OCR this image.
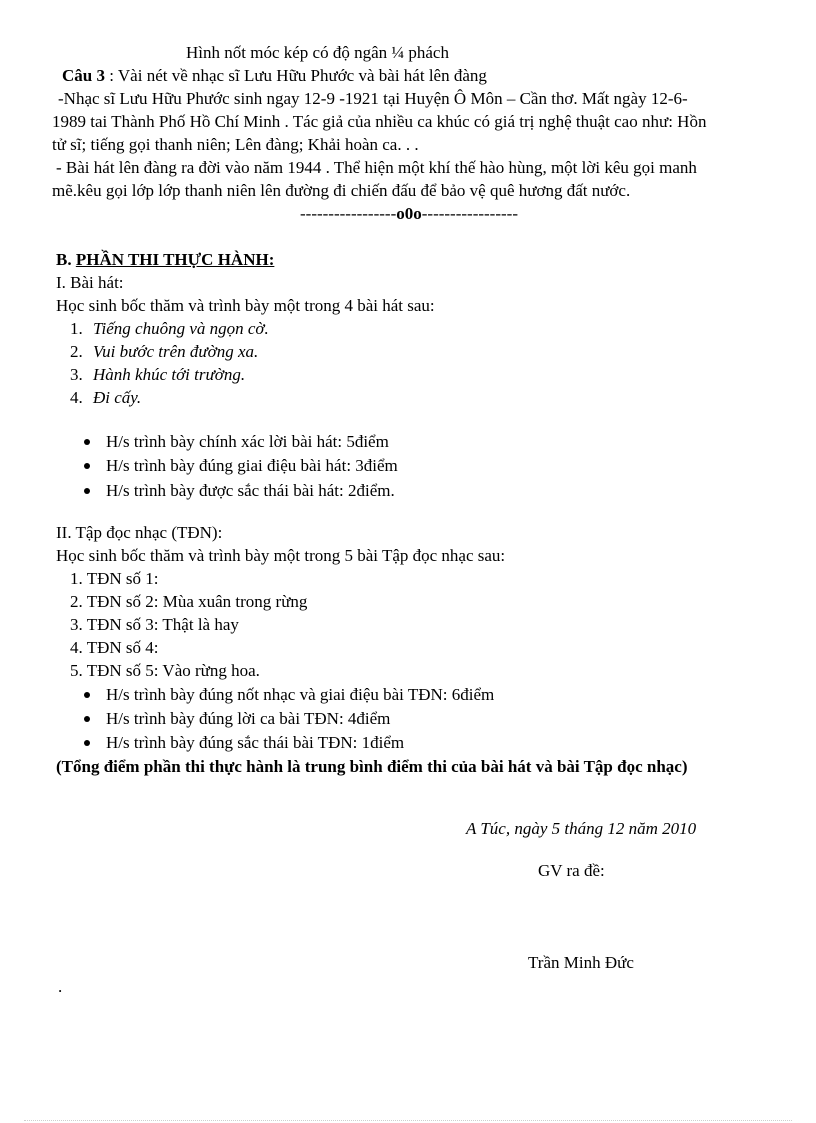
Hình nốt móc kép có độ ngân ¼ phách
Câu 3 : Vài nét về nhạc sĩ Lưu Hữu Phước và bài hát lên đàng
-Nhạc sĩ Lưu Hữu Phước sinh ngay 12-9 -1921 tại Huyện Ô Môn – Cần thơ. Mất ngày 12-6-
1989 tai Thành Phố Hồ Chí Minh . Tác giả của nhiều ca khúc có giá trị nghệ thuật cao như: Hồn
tử sĩ; tiếng gọi thanh niên; Lên đàng; Khải hoàn ca. . .
- Bài hát lên đàng ra đời vào năm 1944 . Thể hiện một khí thế hào hùng, một lời kêu gọi manh
mẽ.kêu gọi lớp lớp thanh niên lên đường đi chiến đấu để bảo vệ quê hương đất nước.
-----------------o0o-----------------
B. PHẦN THI THỰC HÀNH:
I. Bài hát:
Học sinh bốc thăm và trình bày một trong 4 bài hát sau:
1. Tiếng chuông và ngọn cờ.
2. Vui bước trên đường xa.
3. Hành khúc tới trường.
4. Đi cấy.
H/s trình bày chính xác lời bài hát: 5điểm
H/s trình bày đúng giai điệu bài hát: 3điểm
H/s trình bày được sắc thái bài hát: 2điểm.
II. Tập đọc nhạc (TĐN):
Học sinh bốc thăm và trình bày một trong 5 bài Tập đọc nhạc sau:
1. TĐN số 1:
2. TĐN số 2: Mùa xuân trong rừng
3. TĐN số 3: Thật là hay
4. TĐN số 4:
5. TĐN số 5: Vào rừng hoa.
H/s trình bày đúng nốt nhạc và giai điệu bài TĐN: 6điểm
H/s trình bày đúng lời ca bài TĐN: 4điểm
H/s trình bày đúng sắc thái bài TĐN: 1điểm
(Tổng điểm phần thi thực hành là trung bình điểm thi của bài hát và bài Tập đọc nhạc)
A Túc, ngày 5 tháng 12 năm 2010
GV ra đề:
Trần Minh Đức
.
